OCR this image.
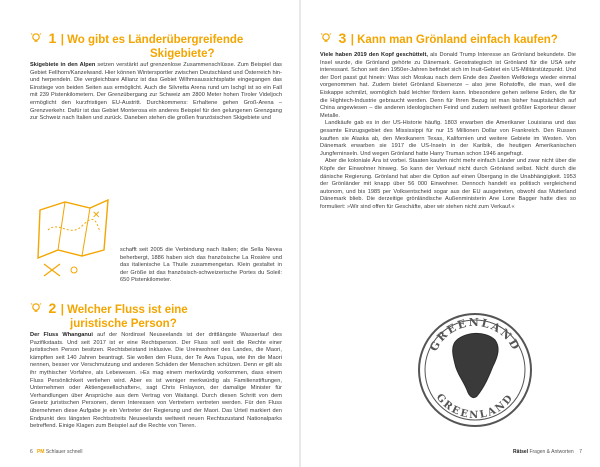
1 | Wo gibt es Länderübergreifende
Skigebiete?

Skigebiete in den Alpen setzen verstärkt auf grenzenlose Zusammenschlüsse. Zum Beispiel das Gebiet Fellhorn/Kanzelwand. Hier können Wintersportler zwischen Deutschland und Österreich hin- und herpendeln. Die vergleichbare Allianz ist das Gebiet Wilhmsaussichtsplatte eingegangen das Einstiege von beiden Seiten aus ermöglicht. Auch die Silvretta Arena rund um Ischgl ist so ein Fall mit 239 Pistenkilometern. Der Grenzübergang zur Schweiz am 2800 Meter hohen Tiroler Videljoch ermöglicht den kurzfristigen EU-Austritt. Durchkommens: Erhaltene gehen Groß-Arena – Grenzverkehr. Dafür ist das Gebiet Monterosa ein anderes Beispiel für den gelungenen Grenzgang zur Schweiz nach Italien und zurück. Daneben stehen die großen französischen Skigebiete und

✕

schafft seit 2005 die Verbindung nach Italien; die Sella Nevea beherbergt, 1886 haben sich das französische La Rosière und das italienische La Thuile zusammengetan. Klein gestaltet in der Größe ist das französisch-schweizerische Portes du Soleil: 650 Pistenkilometer.

2 | Welcher Fluss ist eine
juristische Person?

Der Fluss Whanganui auf der Nordinsel Neuseelands ist der drittlängste Wasserlauf des Pazifikstaats. Und seit 2017 ist er eine Rechtsperson. Der Fluss soll weit die Rechte einer juristischen Person besitzen. Rechtsbeistand inklusive. Die Ureinwohner des Landes, die Maori, kämpften seit 140 Jahren beantragt. Sie wollen den Fluss, der Te Awa Tupua, wie ihn die Maori nennen, besser vor Verschmutzung und anderen Schäden der Menschen schützen. Denn er gilt als ihr mythischer Vorfahre, als Lebewesen. »Es mag einem merkwürdig vorkommen, dass einem Fluss Persönlichkeit verliehen wird. Aber es ist weniger merkwürdig als Familienstiftungen, Unternehmen oder Aktiengesellschaften«, sagt Chris Finlayson, der damalige Minister für Verhandlungen über Ansprüche aus dem Vertrag von Waitangi. Durch diesen Schritt von dem Gesetz juristischen Personen, deren Interessen von Vertretern vertreten werden. Für den Fluss übernehmen diese Aufgabe je ein Vertreter der Regierung und der Maori. Das Urteil markiert den Endpunkt des längsten Rechtsstreits Neuseelands weltweit neuen Rechtszustand Nationalparks betreffend. Einige Klagen zum Beispiel auf die Rechte von Tieren.

6 PM Schlauer schnell
3 | Kann man Grönland einfach kaufen?

Viele haben 2019 den Kopf geschüttelt, als Donald Trump Interesse an Grönland bekundete. Die Insel wurde, die Grönland gehörte zu Dänemark. Geostrategisch ist Grönland für die USA sehr interessant. Schon seit den 1950er-Jahren befindet sich im Inuit-Gebiet ein US-Militärstützpunkt. Und der Dort passt gut hinein: Was sich Moskau nach dem Ende des Zweiten Weltkriegs wieder einmal vorgenommen hat. Zudem bietet Grönland Eisenerze – also jene Rohstoffe, die man, weil die Eiskappe schmilzt, womöglich bald leichter fördern kann. Inbesondere gehen seltene Erden, die für die Hightech-Industrie gebraucht werden. Denn für Ihren Bezug ist man bisher hauptsächlich auf China angewiesen – die anderen ideologischen Feind und zudem weltweit größter Exporteur dieser Metalle.

Landkäufe gab es in der US-Historie häufig. 1803 erwarben die Amerikaner Louisiana und das gesamte Einzugsgebiet des Mississippi für nur 15 Millionen Dollar von Frankreich. Den Russen kauften sie Alaska ab, den Mexikanern Texas, Kalifornien und weitere Gebiete im Westen. Von Dänemark erwarben sie 1917 die US-Inseln in der Karibik, die heutigen Amerikanischen Jungferninseln. Und wegen Grönland hatte Harry Truman schon 1946 angefragt.

Aber die koloniale Ära ist vorbei. Staaten kaufen nicht mehr einfach Länder und zwar nicht über die Köpfe der Einwohner hinweg. So kann der Verkauf nicht durch Grönland selbst. Nicht durch die dänische Regierung. Grönland hat aber die Option auf einen Übergang in die Unabhängigkeit. 1953 der Grönländer mit knapp über 56 000 Einwohner. Dennoch handelt es politisch vergleichend autonom, und bis 1985 per Volksentscheid sogar aus der EU ausgetreten, obwohl das Mutterland Dänemark blieb. Die derzeitige grönländische Außenministerin Ane Lone Bagger hatte dies so formuliert: »Wir sind offen für Geschäfte, aber wir stehen nicht zum Verkauf.«

GREENLAND
GREENLAND
Rätsel Fragen & Antworten 7
